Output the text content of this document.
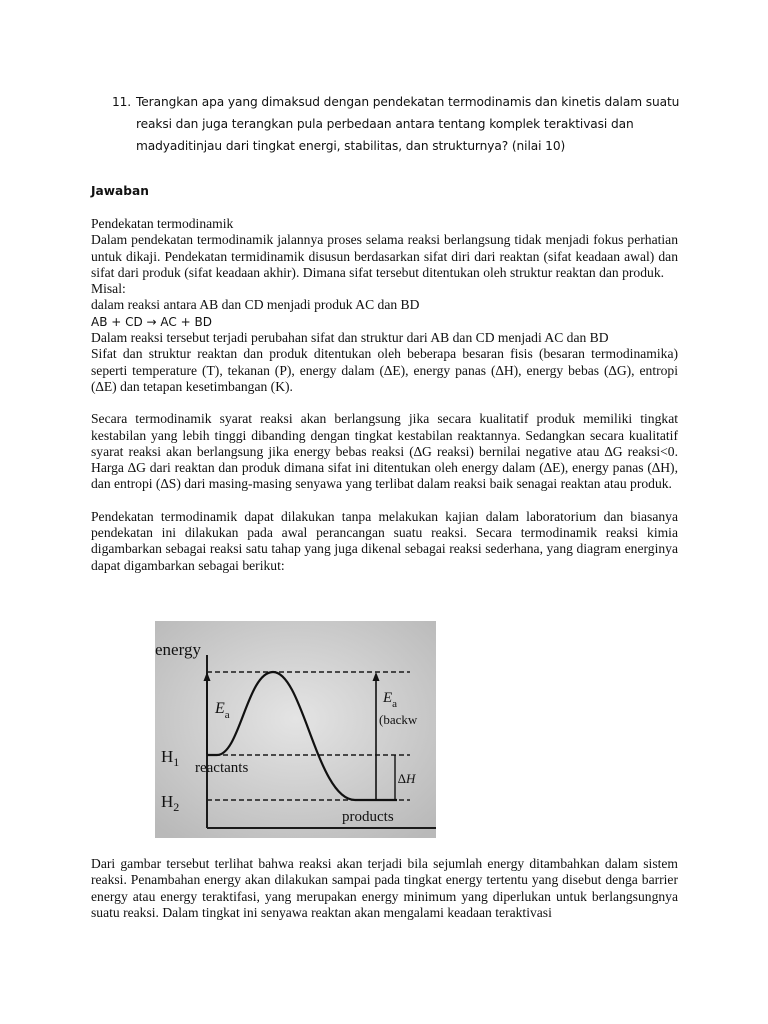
11. Terangkan apa yang dimaksud dengan pendekatan termodinamis dan kinetis dalam suatu reaksi dan juga terangkan pula perbedaan antara tentang komplek teraktivasi dan madyaditinjau dari tingkat energi, stabilitas, dan strukturnya? (nilai 10)
Jawaban

Pendekatan termodinamik

Dalam pendekatan termodinamik jalannya proses selama reaksi berlangsung tidak menjadi fokus perhatian untuk dikaji. Pendekatan termidinamik disusun berdasarkan sifat diri dari reaktan (sifat keadaan awal) dan sifat dari produk (sifat keadaan akhir). Dimana sifat tersebut ditentukan oleh struktur reaktan dan produk.

Misal:

dalam reaksi antara AB dan CD menjadi produk AC dan BD

AB + CD → AC + BD

Dalam reaksi tersebut terjadi perubahan sifat dan struktur dari AB dan CD menjadi AC dan BD

Sifat dan struktur reaktan dan produk ditentukan oleh beberapa besaran fisis (besaran termodinamika) seperti temperature (T), tekanan (P), energy dalam (∆E), energy panas (∆H), energy bebas (∆G), entropi (∆E) dan tetapan kesetimbangan (K).

Secara termodinamik syarat reaksi akan berlangsung jika secara kualitatif produk memiliki tingkat kestabilan yang lebih tinggi dibanding dengan tingkat kestabilan reaktannya. Sedangkan secara kualitatif syarat reaksi akan berlangsung jika energy bebas reaksi (∆G reaksi) bernilai negative atau ∆G reaksi<0. Harga ∆G dari reaktan dan produk dimana sifat ini ditentukan oleh energy dalam (∆E), energy panas (∆H), dan entropi (∆S) dari masing-masing senyawa yang terlibat dalam reaksi baik senagai reaktan atau produk.

Pendekatan termodinamik dapat dilakukan tanpa melakukan kajian dalam laboratorium dan biasanya pendekatan ini dilakukan pada awal perancangan suatu reaksi. Secara termodinamik reaksi kimia digambarkan sebagai reaksi satu tahap yang juga dikenal sebagai reaksi sederhana, yang diagram energinya dapat digambarkan sebagai berikut:

energy
$E_a$
$E_a$
(backw
$H_1$
$H_2$
reactants
products
∆H

Dari gambar tersebut terlihat bahwa reaksi akan terjadi bila sejumlah energy ditambahkan dalam sistem reaksi. Penambahan energy akan dilakukan sampai pada tingkat energy tertentu yang disebut denga barrier energy atau energy teraktifasi, yang merupakan energy minimum yang diperlukan untuk berlangsungnya suatu reaksi. Dalam tingkat ini senyawa reaktan akan mengalami keadaan teraktivasi
